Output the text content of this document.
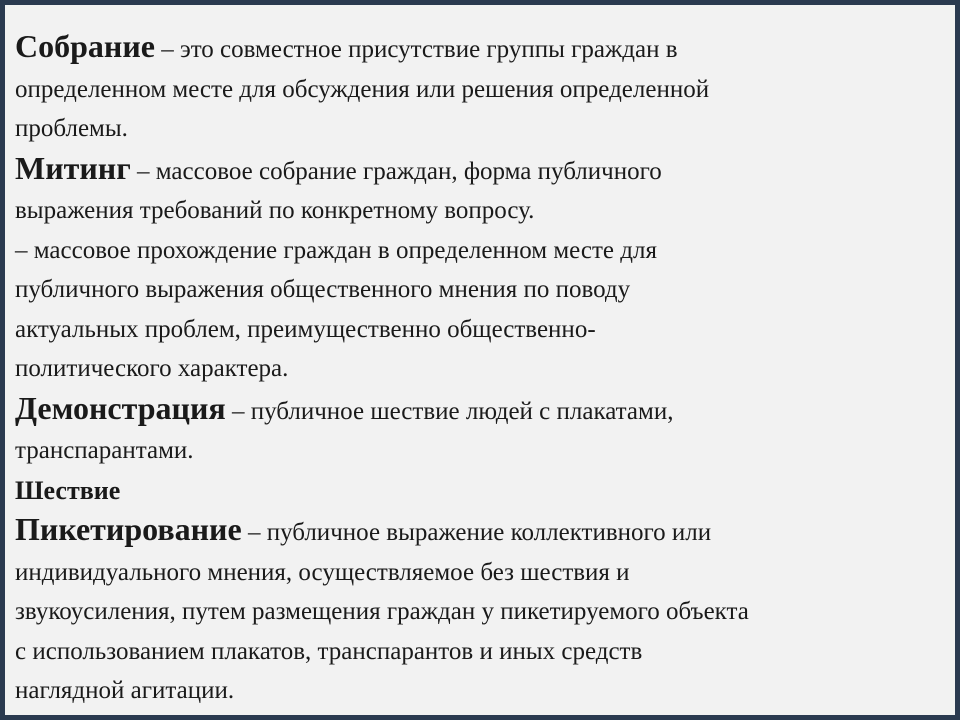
Собрание – это совместное присутствие группы граждан в
определенном месте для обсуждения или решения определенной
проблемы.
Митинг – массовое собрание граждан, форма публичного
выражения требований по конкретному вопросу.
– массовое прохождение граждан в определенном месте для
публичного выражения общественного мнения по поводу
актуальных проблем, преимущественно общественно-
политического характера.
Демонстрация – публичное шествие людей с плакатами,
транспарантами.
Шествие
Пикетирование – публичное выражение коллективного или
индивидуального мнения, осуществляемое без шествия и
звукоусиления, путем размещения граждан у пикетируемого объекта
с использованием плакатов, транспарантов и иных средств
наглядной агитации.
